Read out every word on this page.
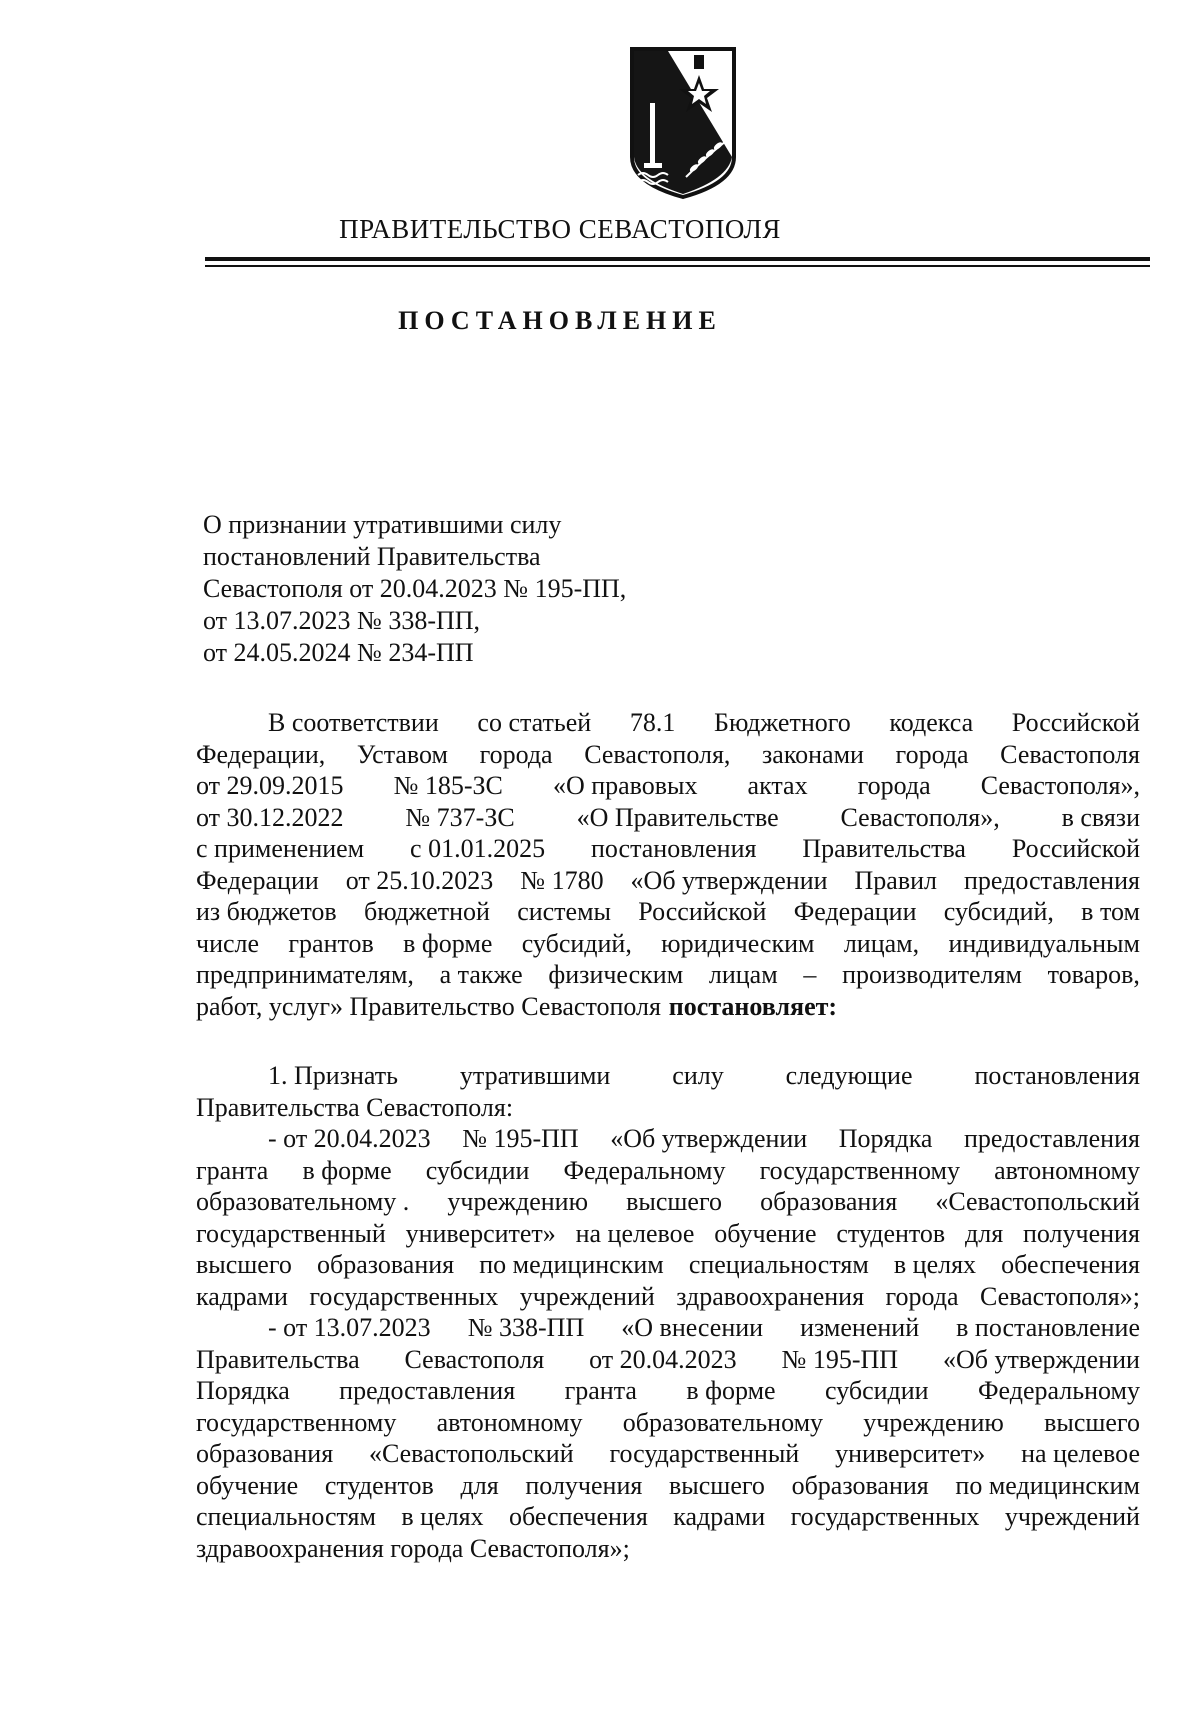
ПРАВИТЕЛЬСТВО СЕВАСТОПОЛЯ
ПОСТАНОВЛЕНИЕ
О признании утратившими силу
постановлений Правительства
Севастополя от 20.04.2023 № 195-ПП,
от 13.07.2023 № 338-ПП,
от 24.05.2024 № 234-ПП
В соответствии со статьей 78.1 Бюджетного кодекса Российской
Федерации, Уставом города Севастополя, законами города Севастополя
от 29.09.2015 № 185-ЗС «О правовых актах города Севастополя»,
от 30.12.2022 № 737-ЗС «О Правительстве Севастополя», в связи
с применением с 01.01.2025 постановления Правительства Российской
Федерации от 25.10.2023 № 1780 «Об утверждении Правил предоставления
из бюджетов бюджетной системы Российской Федерации субсидий, в том
числе грантов в форме субсидий, юридическим лицам, индивидуальным
предпринимателям, а также физическим лицам – производителям товаров,
работ, услуг» Правительство Севастополя постановляет:
1. Признать утратившими силу следующие постановления
Правительства Севастополя:
- от 20.04.2023 № 195-ПП «Об утверждении Порядка предоставления
гранта в форме субсидии Федеральному государственному автономному
образовательному . учреждению высшего образования «Севастопольский
государственный университет» на целевое обучение студентов для получения
высшего образования по медицинским специальностям в целях обеспечения
кадрами государственных учреждений здравоохранения города Севастополя»;
- от 13.07.2023 № 338-ПП «О внесении изменений в постановление
Правительства Севастополя от 20.04.2023 № 195-ПП «Об утверждении
Порядка предоставления гранта в форме субсидии Федеральному
государственному автономному образовательному учреждению высшего
образования «Севастопольский государственный университет» на целевое
обучение студентов для получения высшего образования по медицинским
специальностям в целях обеспечения кадрами государственных учреждений
здравоохранения города Севастополя»;
